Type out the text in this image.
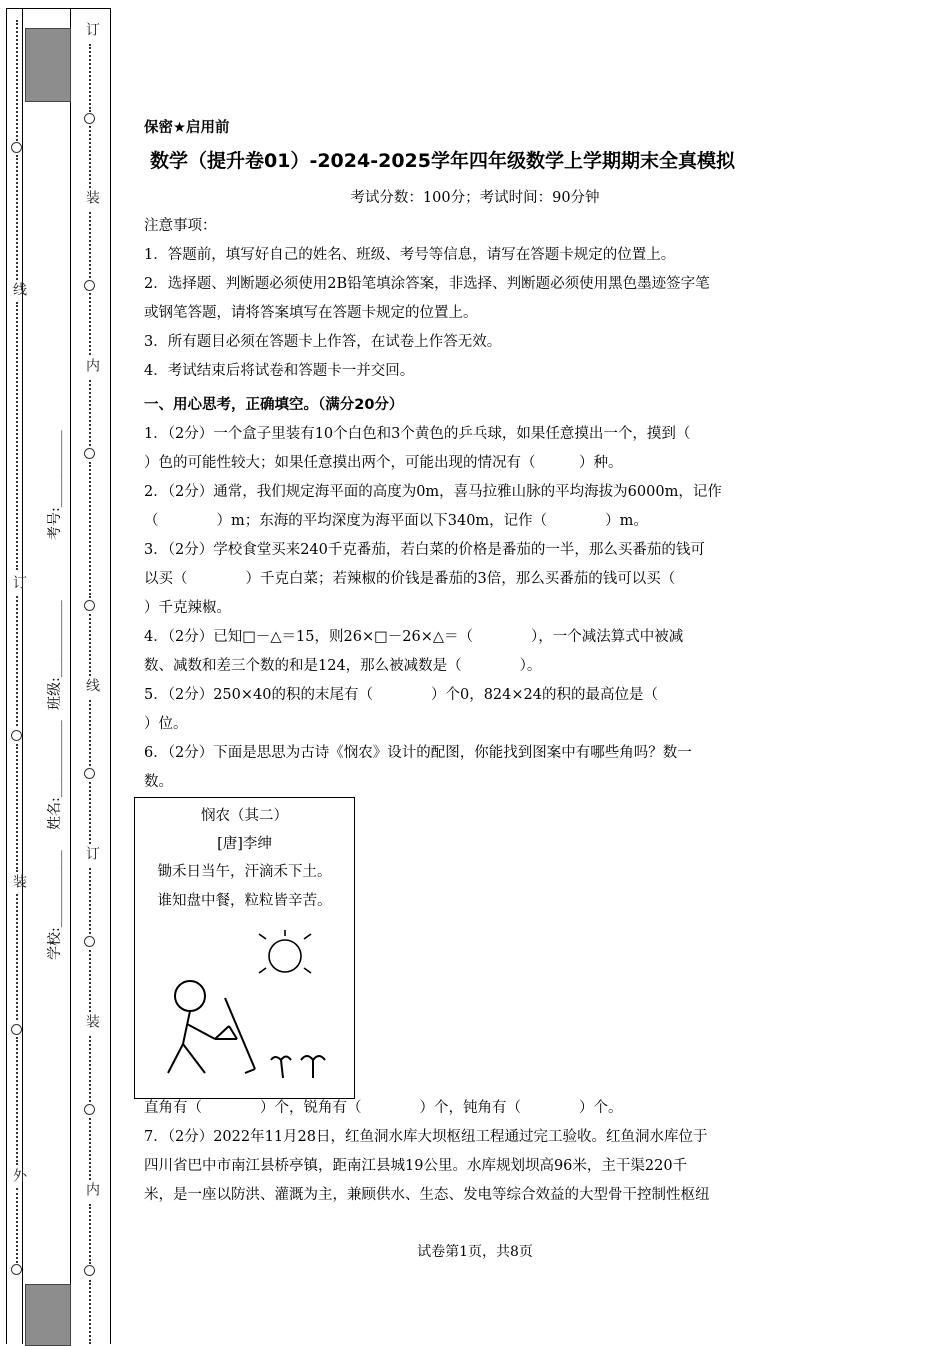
线
订
装
外
考号:___________
班级:___________
姓名:___________
学校:___________
订
装
内
线
订
装
内
保密★启用前
数学（提升卷01）-2024-2025学年四年级数学上学期期末全真模拟
考试分数：100分；考试时间：90分钟

注意事项：

1．答题前，填写好自己的姓名、班级、考号等信息，请写在答题卡规定的位置上。

2．选择题、判断题必须使用2B铅笔填涂答案，非选择、判断题必须使用黑色墨迹签字笔

或钢笔答题，请将答案填写在答题卡规定的位置上。

3．所有题目必须在答题卡上作答，在试卷上作答无效。

4．考试结束后将试卷和答题卡一并交回。

一、用心思考，正确填空。（满分20分）

1．（2分）一个盒子里装有10个白色和3个黄色的乒乓球，如果任意摸出一个，摸到（

）色的可能性较大；如果任意摸出两个，可能出现的情况有（　　　）种。

2．（2分）通常，我们规定海平面的高度为0m，喜马拉雅山脉的平均海拔为6000m，记作

（　　　　）m；东海的平均深度为海平面以下340m，记作（　　　　）m。

3．（2分）学校食堂买来240千克番茄，若白菜的价格是番茄的一半，那么买番茄的钱可

以买（　　　　）千克白菜；若辣椒的价钱是番茄的3倍，那么买番茄的钱可以买（

）千克辣椒。

4．（2分）已知□－△＝15，则26×□－26×△＝（　　　　），一个减法算式中被减

数、减数和差三个数的和是124，那么被减数是（　　　　）。

5．（2分）250×40的积的末尾有（　　　　）个0，824×24的积的最高位是（

）位。

6．（2分）下面是思思为古诗《悯农》设计的配图，你能找到图案中有哪些角吗？数一

数。

悯农（其二）
[唐]李绅
锄禾日当午，汗滴禾下土。
谁知盘中餐，粒粒皆辛苦。

直角有（　　　　）个，锐角有（　　　　）个，钝角有（　　　　）个。

7．（2分）2022年11月28日，红鱼洞水库大坝枢纽工程通过完工验收。红鱼洞水库位于

四川省巴中市南江县桥亭镇，距南江县城19公里。水库规划坝高96米，主干渠220千

米，是一座以防洪、灌溉为主，兼顾供水、生态、发电等综合效益的大型骨干控制性枢纽

试卷第1页，共8页
